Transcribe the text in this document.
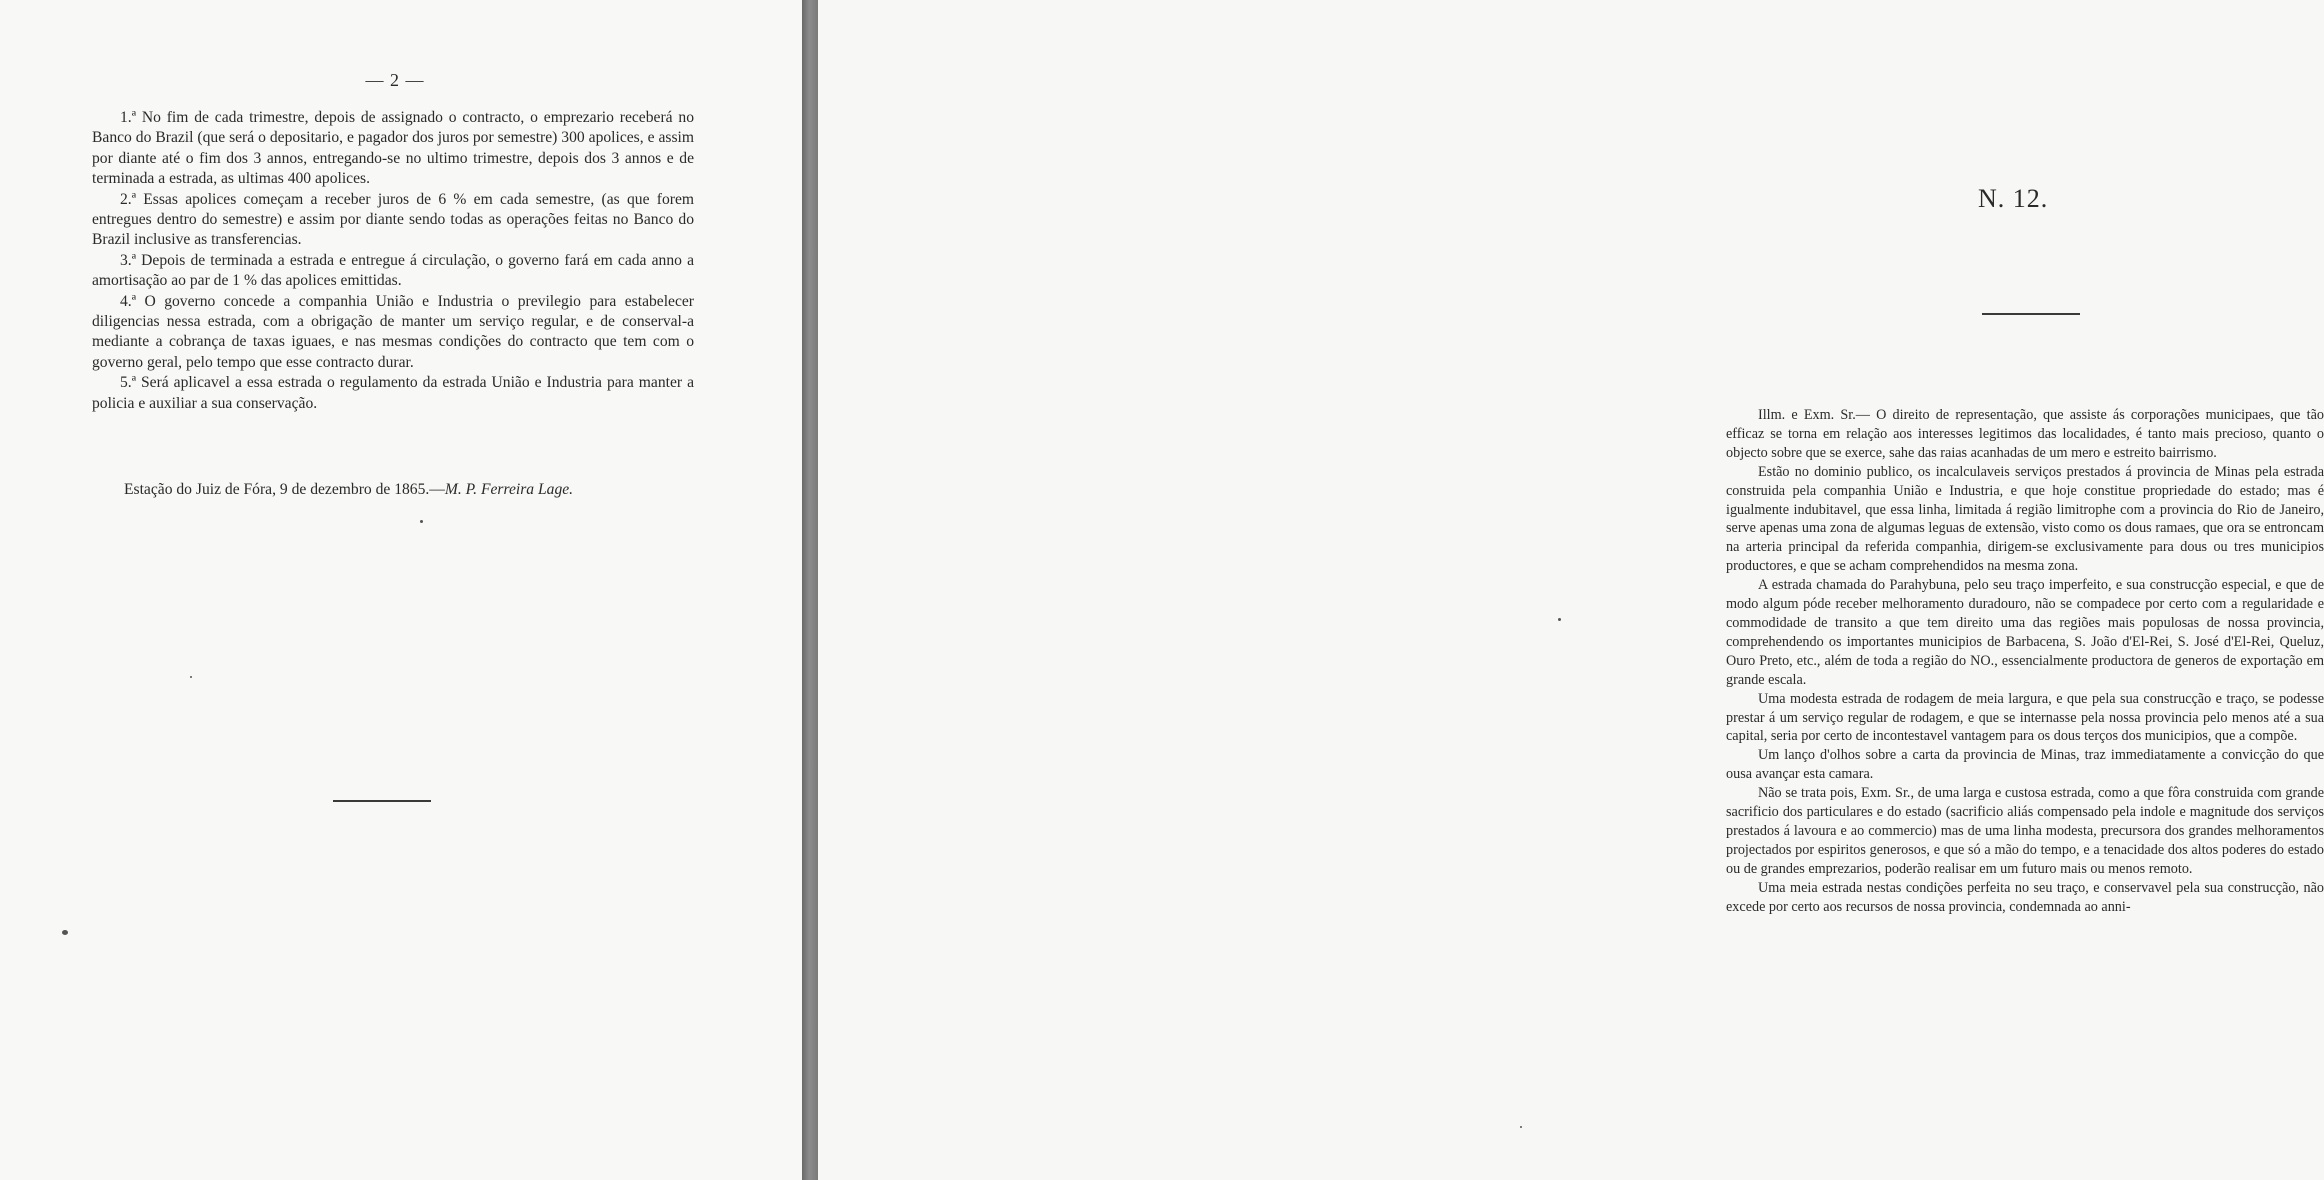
— 2 —

1.ª No fim de cada trimestre, depois de assignado o contracto, o emprezario receberá no Banco do Brazil (que será o depositario, e pagador dos juros por semestre) 300 apolices, e assim por diante até o fim dos 3 annos, entregando-se no ultimo trimestre, depois dos 3 annos e de terminada a estrada, as ultimas 400 apolices.

2.ª Essas apolices começam a receber juros de 6 % em cada semestre, (as que forem entregues dentro do semestre) e assim por diante sendo todas as operações feitas no Banco do Brazil inclusive as transferencias.

3.ª Depois de terminada a estrada e entregue á circulação, o governo fará em cada anno a amortisação ao par de 1 % das apolices emittidas.

4.ª O governo concede a companhia União e Industria o previlegio para estabelecer diligencias nessa estrada, com a obrigação de manter um serviço regular, e de conserval-a mediante a cobrança de taxas iguaes, e nas mesmas condições do contracto que tem com o governo geral, pelo tempo que esse contracto durar.

5.ª Será aplicavel a essa estrada o regulamento da estrada União e Industria para manter a policia e auxiliar a sua conservação.

Estação do Juiz de Fóra, 9 de dezembro de 1865.—M. P. Ferreira Lage.
N. 12.

Illm. e Exm. Sr.— O direito de representação, que assiste ás corporações municipaes, que tão efficaz se torna em relação aos interesses legitimos das localidades, é tanto mais precioso, quanto o objecto sobre que se exerce, sahe das raias acanhadas de um mero e estreito bairrismo.

Estão no dominio publico, os incalculaveis serviços prestados á provincia de Minas pela estrada construida pela companhia União e Industria, e que hoje constitue propriedade do estado; mas é igualmente indubitavel, que essa linha, limitada á região limitrophe com a provincia do Rio de Janeiro, serve apenas uma zona de algumas leguas de extensão, visto como os dous ramaes, que ora se entroncam na arteria principal da referida companhia, dirigem-se exclusivamente para dous ou tres municipios productores, e que se acham comprehendidos na mesma zona.

A estrada chamada do Parahybuna, pelo seu traço imperfeito, e sua construcção especial, e que de modo algum póde receber melhoramento duradouro, não se compadece por certo com a regularidade e commodidade de transito a que tem direito uma das regiões mais populosas de nossa provincia, comprehendendo os importantes municipios de Barbacena, S. João d'El-Rei, S. José d'El-Rei, Queluz, Ouro Preto, etc., além de toda a região do NO., essencialmente productora de generos de exportação em grande escala.

Uma modesta estrada de rodagem de meia largura, e que pela sua construcção e traço, se podesse prestar á um serviço regular de rodagem, e que se internasse pela nossa provincia pelo menos até a sua capital, seria por certo de incontestavel vantagem para os dous terços dos municipios, que a compõe.

Um lanço d'olhos sobre a carta da provincia de Minas, traz immediatamente a convicção do que ousa avançar esta camara.

Não se trata pois, Exm. Sr., de uma larga e custosa estrada, como a que fôra construida com grande sacrificio dos particulares e do estado (sacrificio aliás compensado pela indole e magnitude dos serviços prestados á lavoura e ao commercio) mas de uma linha modesta, precursora dos grandes melhoramentos projectados por espiritos generosos, e que só a mão do tempo, e a tenacidade dos altos poderes do estado ou de grandes emprezarios, poderão realisar em um futuro mais ou menos remoto.

Uma meia estrada nestas condições perfeita no seu traço, e conservavel pela sua construcção, não excede por certo aos recursos de nossa provincia, condemnada ao anni-
